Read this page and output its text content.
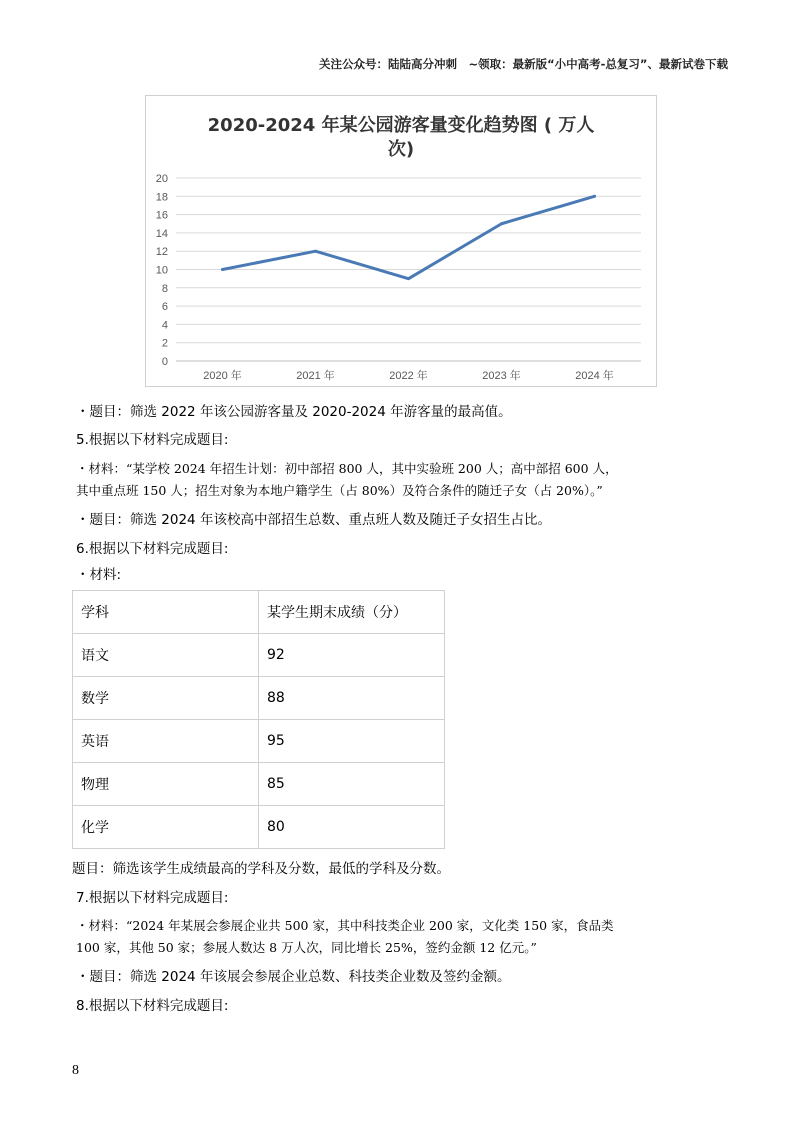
关注公众号：陆陆高分冲刺　~领取：最新版“小中高考-总复习”、最新试卷下载
2020-2024 年某公园游客量变化趋势图 ( 万人
次)
0
2
4
6
8
10
12
14
16
18
20
2020 年	2021 年	2022 年	2023 年	2024 年
・题目：筛选 2022 年该公园游客量及 2020-2024 年游客量的最高值。
5.根据以下材料完成题目:
・材料：“某学校 2024 年招生计划：初中部招 800 人，其中实验班 200 人；高中部招 600 人，
其中重点班 150 人；招生对象为本地户籍学生（占 80%）及符合条件的随迁子女（占 20%）。”
・题目：筛选 2024 年该校高中部招生总数、重点班人数及随迁子女招生占比。
6.根据以下材料完成题目:
・材料:
学科	某学生期末成绩（分）
语文	92
数学	88
英语	95
物理	85
化学	80
题目：筛选该学生成绩最高的学科及分数，最低的学科及分数。
7.根据以下材料完成题目:
・材料：“2024 年某展会参展企业共 500 家，其中科技类企业 200 家，文化类 150 家，食品类
100 家，其他 50 家；参展人数达 8 万人次，同比增长 25%，签约金额 12 亿元。”
・题目：筛选 2024 年该展会参展企业总数、科技类企业数及签约金额。
8.根据以下材料完成题目:
8
